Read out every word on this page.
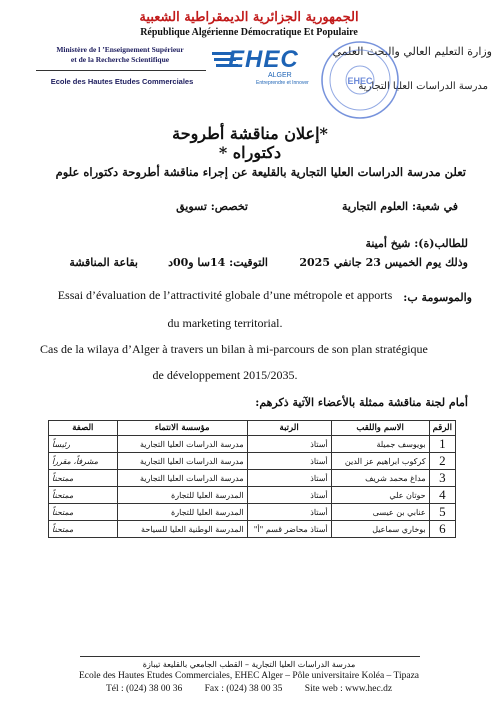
الجمهورية الجزائرية الديمقراطية الشعبية
République Algérienne Démocratique Et Populaire
Ministère de l ’Enseignement Supérieur
et de la Recherche Scientifique
Ecole des Hautes Etudes Commerciales
وزارة التعليم العالي والبحث العلمي
مدرسة الدراسات العليا التجارية
EHEC
ALGER
Entreprendre et Innover	EHEC
*إعلان مناقشة أطروحة دكتوراه *
تعلن مدرسة الدراسات العليا التجارية بالقليعة عن إجراء مناقشة أطروحة دكتوراه علوم
في شعبة: العلوم التجارية
تخصص: تسويق
للطالب(ة): شيخ أمينة
وذلك يوم الخميس 23 جانفي 2025
التوقيت: 14سا و00د
بقاعة المناقشة
والموسومة ب:
Essai d’évaluation de l’attractivité globale d’une métropole et apports
du marketing territorial.
Cas de la wilaya d’Alger à travers un bilan à mi-parcours de son plan stratégique
de développement 2015/2035.
أمام لجنة مناقشة ممثلة بالأعضاء الآتية ذكرهم:
الرقم	الاسم واللقب	الرتبة	مؤسسة الانتماء	الصفة
1	بويوسف جميلة	أستاذ	مدرسة الدراسات العليا التجارية	رئيساً
2	كركوب ابراهيم عز الدين	أستاذ	مدرسة الدراسات العليا التجارية	مشرفاً، مقرراً
3	مداغ محمد شريف	أستاذ	مدرسة الدراسات العليا التجارية	ممتحناً
4	حوتان علي	أستاذ	المدرسة العليا للتجارة	ممتحناً
5	عنابي بن عيسى	أستاذ	المدرسة العليا للتجارة	ممتحناً
6	بوخاري سماعيل	أستاذ محاضر قسم "أ"	المدرسة الوطنية العليا للسياحة	ممتحناً
مدرسة الدراسات العليا التجارية – القطب الجامعي بالقليعة تيبازة
Ecole des Hautes Etudes Commerciales, EHEC Alger – Pôle universitaire Koléa – Tipaza
Tél : (024) 38 00 36 Fax : (024) 38 00 35 Site web : www.hec.dz
